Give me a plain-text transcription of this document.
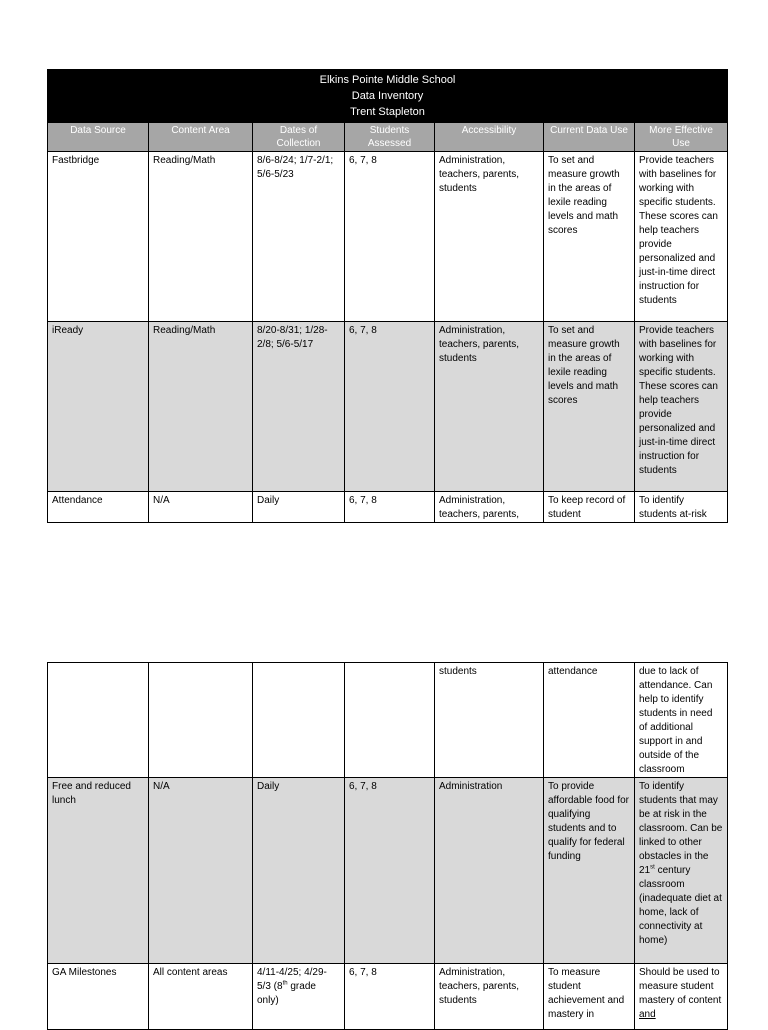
Elkins Pointe Middle School
Data Inventory
Trent Stapleton						

Data Source	Content Area	Dates of Collection	Students Assessed	Accessibility	Current Data Use	More Effective Use
Fastbridge	Reading/Math	8/6-8/24; 1/7-2/1; 5/6-5/23	6, 7, 8	Administration, teachers, parents, students	To set and measure growth in the areas of lexile reading levels and math scores	Provide teachers with baselines for working with specific students. These scores can help teachers provide personalized and just-in-time direct instruction for students
iReady	Reading/Math	8/20-8/31; 1/28-2/8; 5/6-5/17	6, 7, 8	Administration, teachers, parents, students	To set and measure growth in the areas of lexile reading levels and math scores	Provide teachers with baselines for working with specific students. These scores can help teachers provide personalized and just-in-time direct instruction for students
Attendance	N/A	Daily	6, 7, 8	Administration, teachers, parents,	To keep record of student	To identify students at-risk
				students	attendance	due to lack of attendance. Can help to identify students in need of additional support in and outside of the classroom
Free and reduced lunch	N/A	Daily	6, 7, 8	Administration	To provide affordable food for qualifying students and to qualify for federal funding	To identify students that may be at risk in the classroom. Can be linked to other obstacles in the 21st century classroom (inadequate diet at home, lack of connectivity at home)
GA Milestones	All content areas	4/11-4/25; 4/29-5/3 (8th grade only)	6, 7, 8	Administration, teachers, parents, students	To measure student achievement and mastery in	Should be used to measure student mastery of content and
